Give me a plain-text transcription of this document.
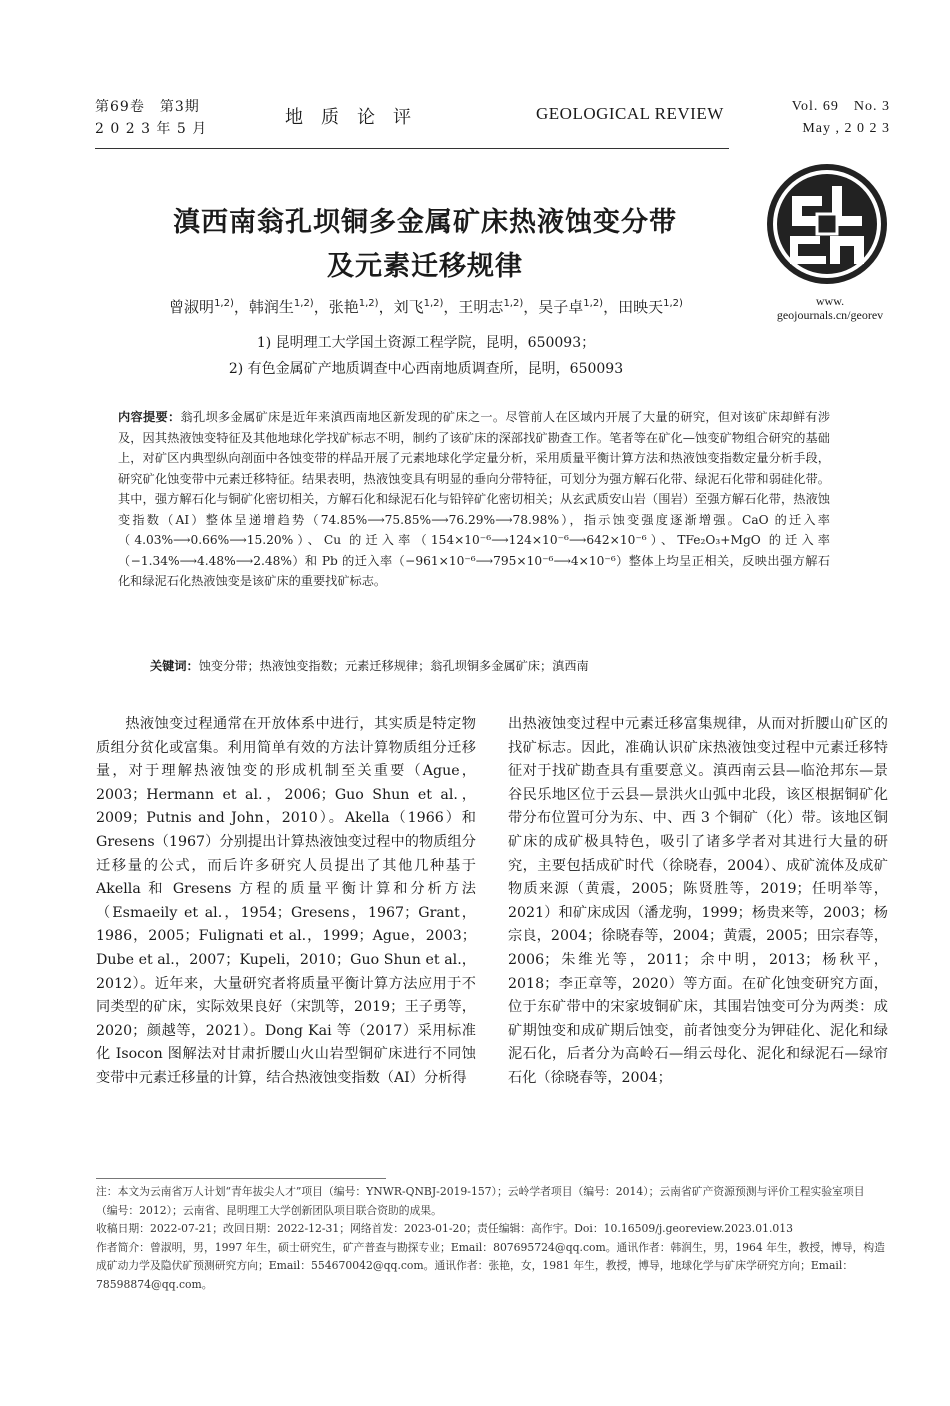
第69卷　第3期
2 0 2 3 年 5 月
地质论评	GEOLOGICAL REVIEW	Vol. 69　No. 3
May , 2 0 2 3
www.
geojournals.cn/georev
滇西南翁孔坝铜多金属矿床热液蚀变分带
及元素迁移规律
曾淑明$^{1,2)}$，韩润生$^{1,2)}$，张艳$^{1,2)}$，刘飞$^{1,2)}$，王明志$^{1,2)}$，吴子卓$^{1,2)}$，田映天$^{1,2)}$
1) 昆明理工大学国土资源工程学院，昆明，650093；
2) 有色金属矿产地质调查中心西南地质调查所，昆明，650093
内容提要：翁孔坝多金属矿床是近年来滇西南地区新发现的矿床之一。尽管前人在区域内开展了大量的研究，但对该矿床却鲜有涉及，因其热液蚀变特征及其他地球化学找矿标志不明，制约了该矿床的深部找矿勘查工作。笔者等在矿化—蚀变矿物组合研究的基础上，对矿区内典型纵向剖面中各蚀变带的样品开展了元素地球化学定量分析，采用质量平衡计算方法和热液蚀变指数定量分析手段，研究矿化蚀变带中元素迁移特征。结果表明，热液蚀变具有明显的垂向分带特征，可划分为强方解石化带、绿泥石化带和弱硅化带。其中，强方解石化与铜矿化密切相关，方解石化和绿泥石化与铅锌矿化密切相关；从玄武质安山岩（围岩）至强方解石化带，热液蚀变指数（AI）整体呈递增趋势（74.85%⟶75.85%⟶76.29%⟶78.98%），指示蚀变强度逐渐增强。CaO 的迁入率（4.03%⟶0.66%⟶15.20%）、Cu 的迁入率（154×10⁻⁶⟶124×10⁻⁶⟶642×10⁻⁶）、TFe₂O₃+MgO 的迁入率（−1.34%⟶4.48%⟶2.48%）和 Pb 的迁入率（−961×10⁻⁶⟶795×10⁻⁶⟶4×10⁻⁶）整体上均呈正相关，反映出强方解石化和绿泥石化热液蚀变是该矿床的重要找矿标志。
关键词：蚀变分带；热液蚀变指数；元素迁移规律；翁孔坝铜多金属矿床；滇西南
　　热液蚀变过程通常在开放体系中进行，其实质是特定物质组分贫化或富集。利用简单有效的方法计算物质组分迁移量，对于理解热液蚀变的形成机制至关重要（Ague，2003；Hermann et al.，2006；Guo Shun et al.，2009；Putnis and John，2010）。Akella（1966）和 Gresens（1967）分别提出计算热液蚀变过程中的物质组分迁移量的公式，而后许多研究人员提出了其他几种基于 Akella 和 Gresens 方程的质量平衡计算和分析方法（Esmaeily et al.，1954；Gresens，1967；Grant，1986，2005；Fulignati et al.，1999；Ague，2003；Dube et al.，2007；Kupeli，2010；Guo Shun et al.，2012）。近年来，大量研究者将质量平衡计算方法应用于不同类型的矿床，实际效果良好（宋凯等，2019；王子勇等，2020；颜越等，2021）。Dong Kai 等（2017）采用标准化 Isocon 图解法对甘肃折腰山火山岩型铜矿床进行不同蚀变带中元素迁移量的计算，结合热液蚀变指数（AI）分析得
出热液蚀变过程中元素迁移富集规律，从而对折腰山矿区的找矿标志。因此，准确认识矿床热液蚀变过程中元素迁移特征对于找矿勘查具有重要意义。滇西南云县—临沧邦东—景谷民乐地区位于云县—景洪火山弧中北段，该区根据铜矿化带分布位置可分为东、中、西 3 个铜矿（化）带。该地区铜矿床的成矿极具特色，吸引了诸多学者对其进行大量的研究，主要包括成矿时代（徐晓春，2004）、成矿流体及成矿物质来源（黄震，2005；陈贤胜等，2019；任明举等，2021）和矿床成因（潘龙驹，1999；杨贵来等，2003；杨宗良，2004；徐晓春等，2004；黄震，2005；田宗春等，2006；朱维光等，2011；余中明，2013；杨秋平，2018；李正章等，2020）等方面。在矿化蚀变研究方面，位于东矿带中的宋家坡铜矿床，其围岩蚀变可分为两类：成矿期蚀变和成矿期后蚀变，前者蚀变分为钾硅化、泥化和绿泥石化，后者分为高岭石—绢云母化、泥化和绿泥石—绿帘石化（徐晓春等，2004；

注：本文为云南省万人计划“青年拔尖人才”项目（编号：YNWR-QNBJ-2019-157）；云岭学者项目（编号：2014）；云南省矿产资源预测与评价工程实验室项目（编号：2012）；云南省、昆明理工大学创新团队项目联合资助的成果。

收稿日期：2022-07-21；改回日期：2022-12-31；网络首发：2023-01-20；责任编辑：高作宇。Doi：10.16509/j.georeview.2023.01.013

作者简介：曾淑明，男，1997 年生，硕士研究生，矿产普查与勘探专业；Email：807695724@qq.com。通讯作者：韩润生，男，1964 年生，教授，博导，构造成矿动力学及隐伏矿预测研究方向；Email：554670042@qq.com。通讯作者：张艳，女，1981 年生，教授，博导，地球化学与矿床学研究方向；Email：78598874@qq.com。
